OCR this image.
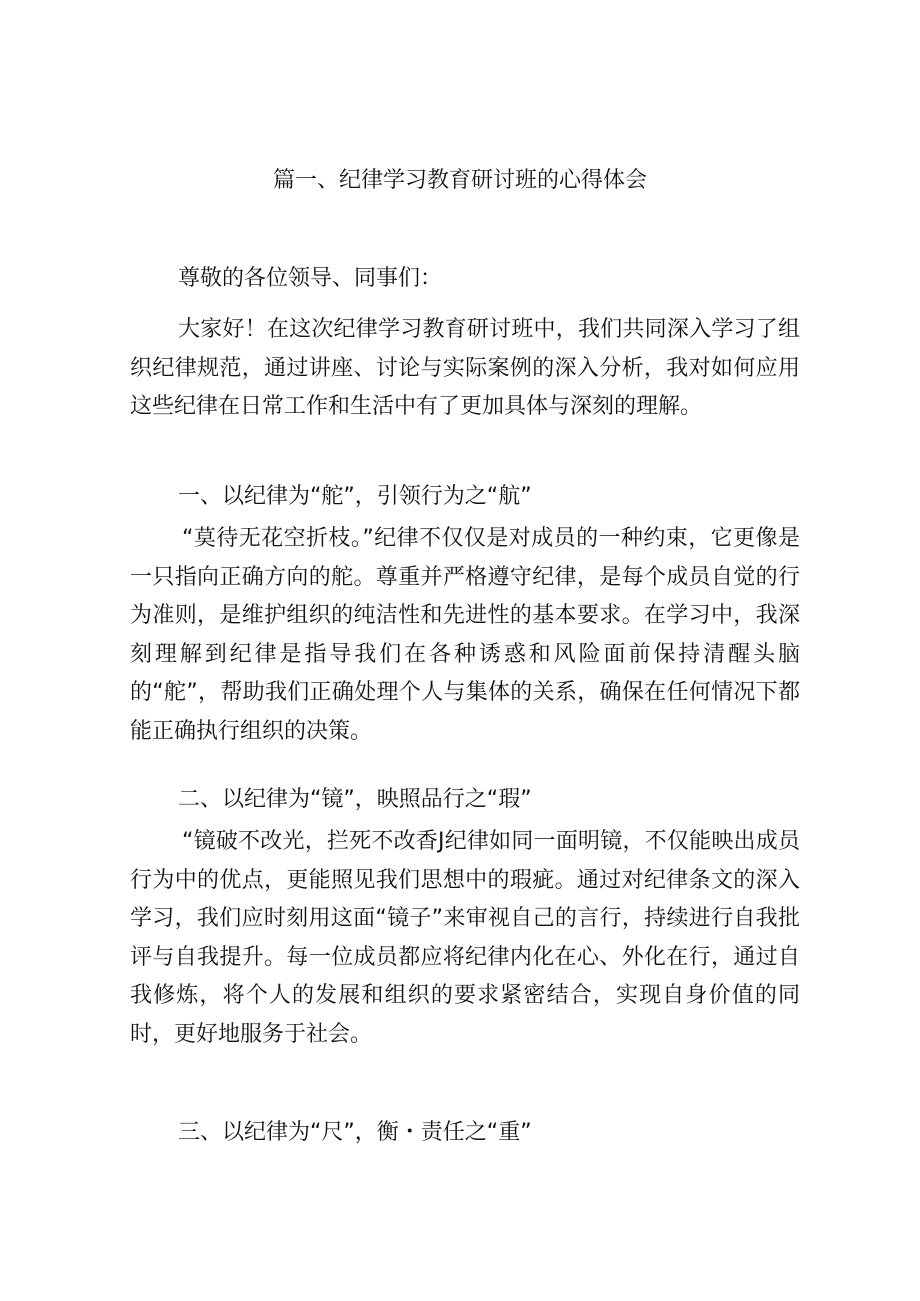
篇一、纪律学习教育研讨班的心得体会

尊敬的各位领导、同事们：

大家好！在这次纪律学习教育研讨班中，我们共同深入学习了组织纪律规范，通过讲座、讨论与实际案例的深入分析，我对如何应用这些纪律在日常工作和生活中有了更加具体与深刻的理解。

一、以纪律为“舵”，引领行为之“航”

“莫待无花空折枝。”纪律不仅仅是对成员的一种约束，它更像是一只指向正确方向的舵。尊重并严格遵守纪律，是每个成员自觉的行为准则，是维护组织的纯洁性和先进性的基本要求。在学习中，我深刻理解到纪律是指导我们在各种诱惑和风险面前保持清醒头脑的“舵”，帮助我们正确处理个人与集体的关系，确保在任何情况下都能正确执行组织的决策。

二、以纪律为“镜”，映照品行之“瑕”

“镜破不改光，拦死不改香J纪律如同一面明镜，不仅能映出成员行为中的优点，更能照见我们思想中的瑕疵。通过对纪律条文的深入学习，我们应时刻用这面“镜子”来审视自己的言行，持续进行自我批评与自我提升。每一位成员都应将纪律内化在心、外化在行，通过自我修炼，将个人的发展和组织的要求紧密结合，实现自身价值的同时，更好地服务于社会。

三、以纪律为“尺”，衡・责任之“重”
